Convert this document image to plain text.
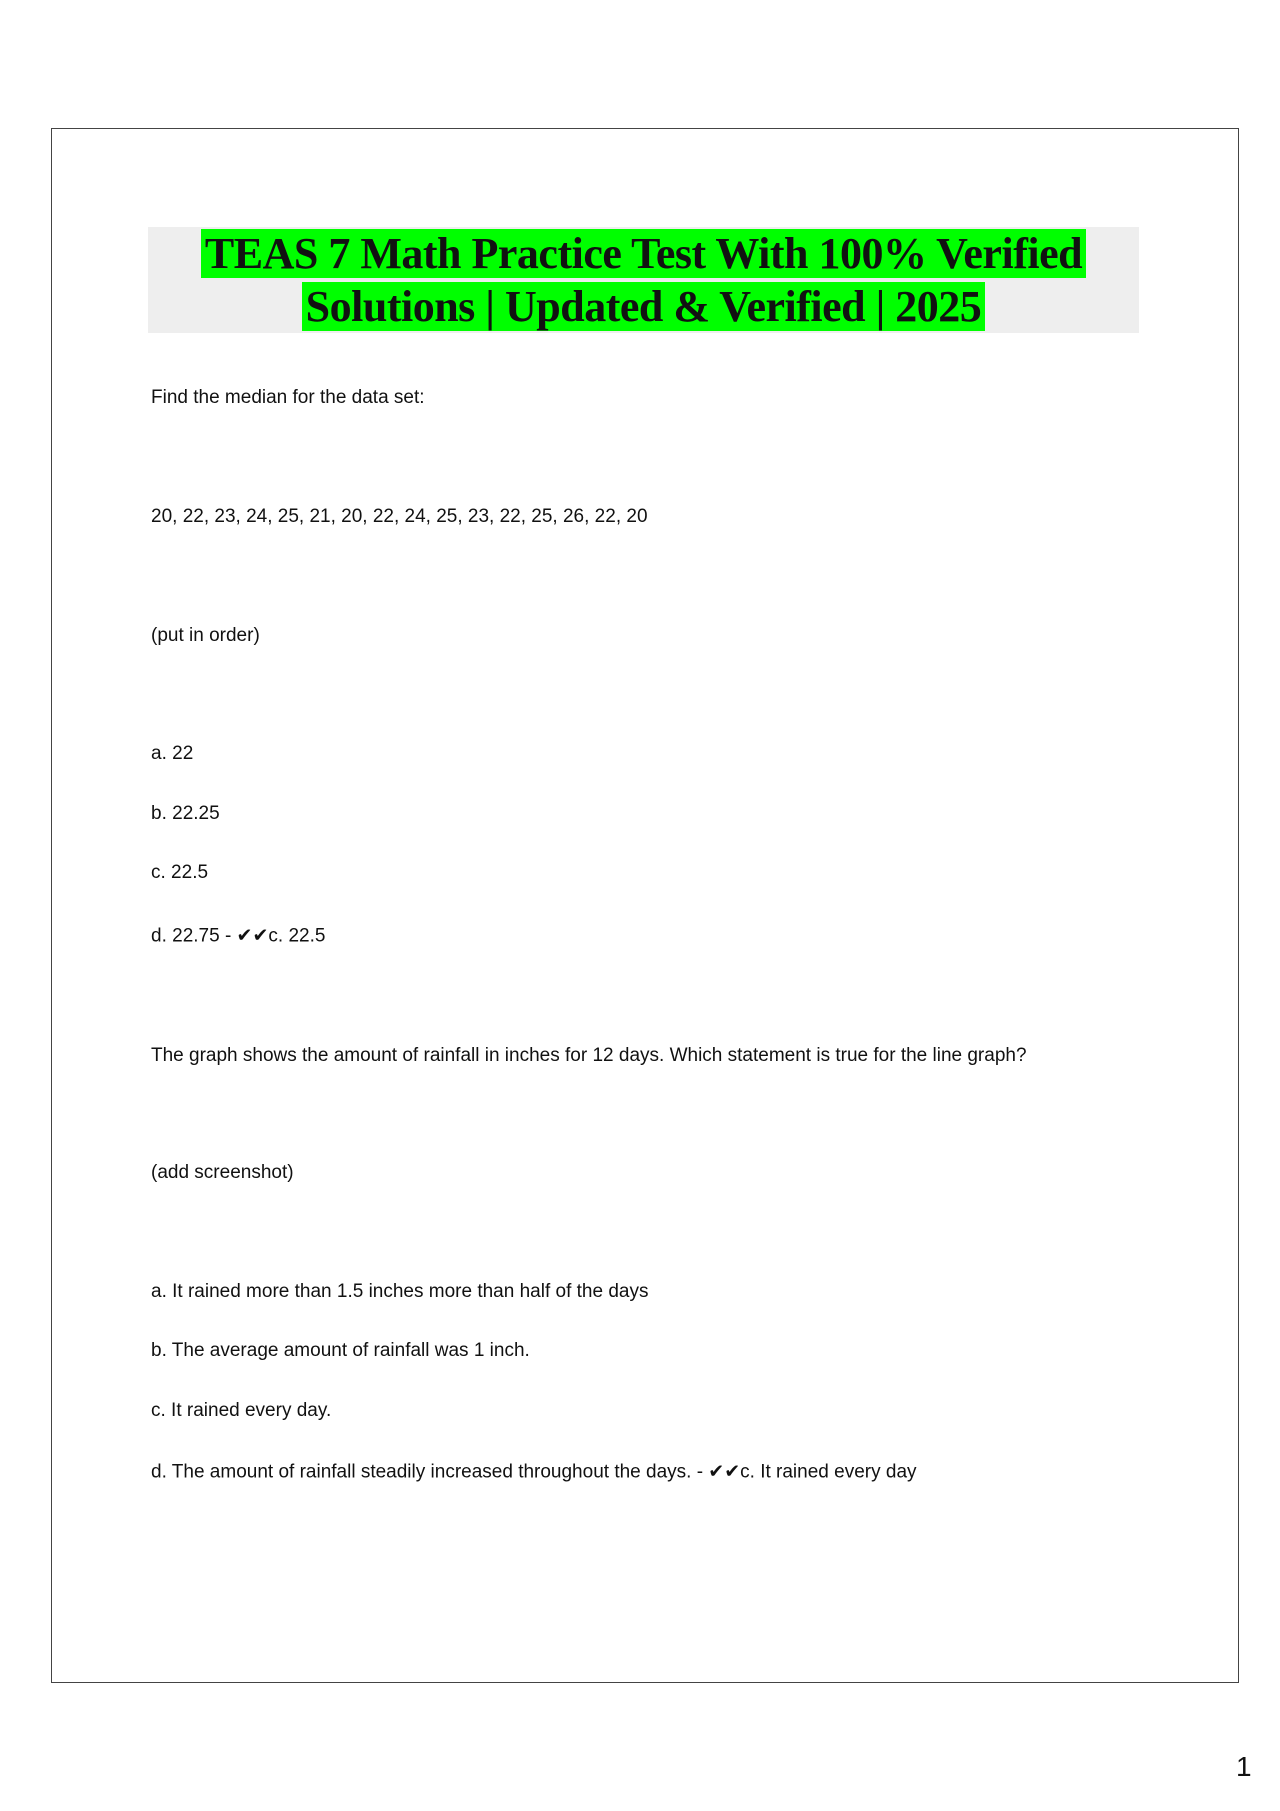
TEAS 7 Math Practice Test With 100% Verified
Solutions | Updated & Verified | 2025
Find the median for the data set:
20, 22, 23, 24, 25, 21, 20, 22, 24, 25, 23, 22, 25, 26, 22, 20
(put in order)
a. 22
b. 22.25
c. 22.5
d. 22.75 - ✔✔c. 22.5
The graph shows the amount of rainfall in inches for 12 days. Which statement is true for the line graph?
(add screenshot)
a. It rained more than 1.5 inches more than half of the days
b. The average amount of rainfall was 1 inch.
c. It rained every day.
d. The amount of rainfall steadily increased throughout the days. - ✔✔c. It rained every day
1
